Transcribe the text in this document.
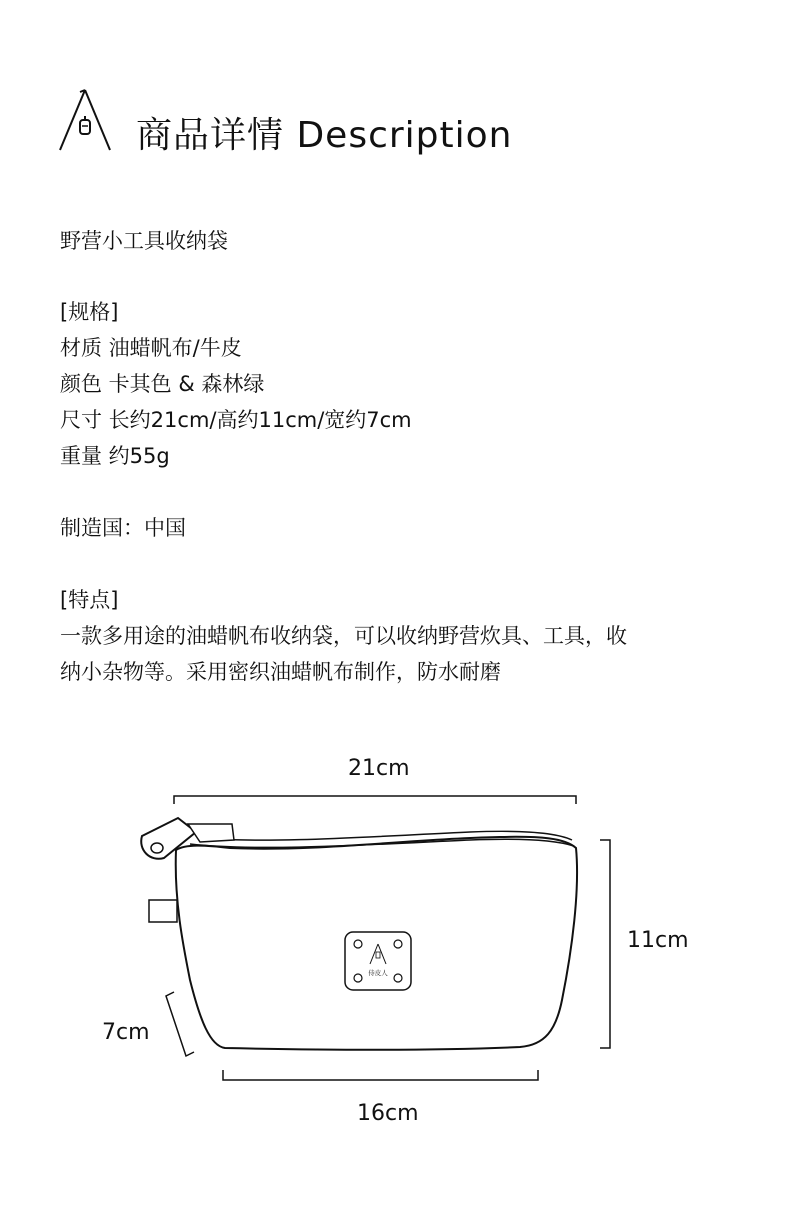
商品详情 Description
野营小工具收纳袋
[规格]
材质 油蜡帆布/牛皮
颜色 卡其色 & 森林绿
尺寸 长约21cm/高约11cm/宽约7cm
重量 约55g
制造国：中国
[特点]
一款多用途的油蜡帆布收纳袋，可以收纳野营炊具、工具，收
纳小杂物等。采用密织油蜡帆布制作，防水耐磨
侍皮人
21cm
11cm
7cm
16cm
